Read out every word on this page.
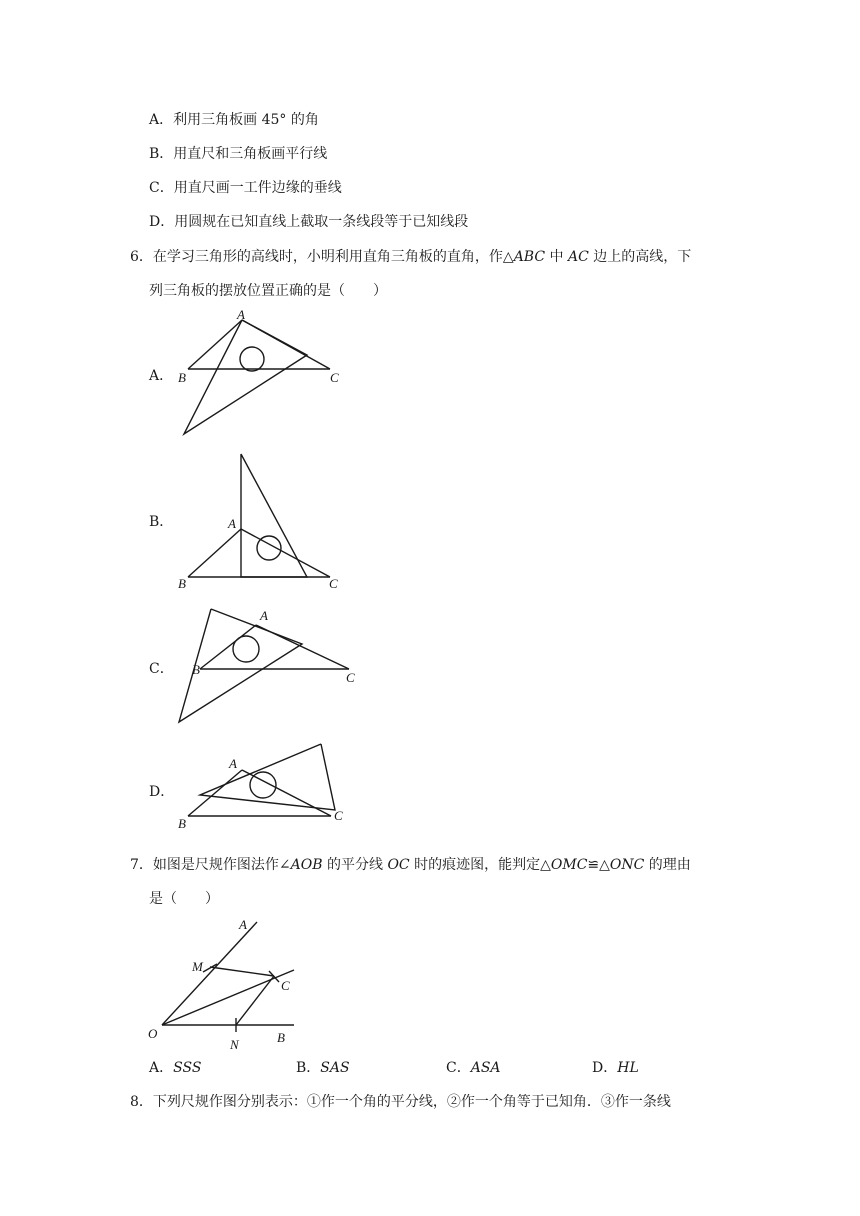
A．利用三角板画 45° 的角
B．用直尺和三角板画平行线
C．用直尺画一工件边缘的垂线
D．用圆规在已知直线上截取一条线段等于已知线段
6．在学习三角形的高线时，小明利用直角三角板的直角，作△ABC 中 AC 边上的高线，下
列三角板的摆放位置正确的是（　　）
A．
A
B	C
B．	A
B	C
C．
A
B
C
D．
A
B
C
7．如图是尺规作图法作∠AOB 的平分线 OC 时的痕迹图，能判定△OMC≌△ONC 的理由
是（　　）
A
M
C
O
N	B
A．SSS	B．SAS	C．ASA	D．HL
8．下列尺规作图分别表示：①作一个角的平分线，②作一个角等于已知角．③作一条线
